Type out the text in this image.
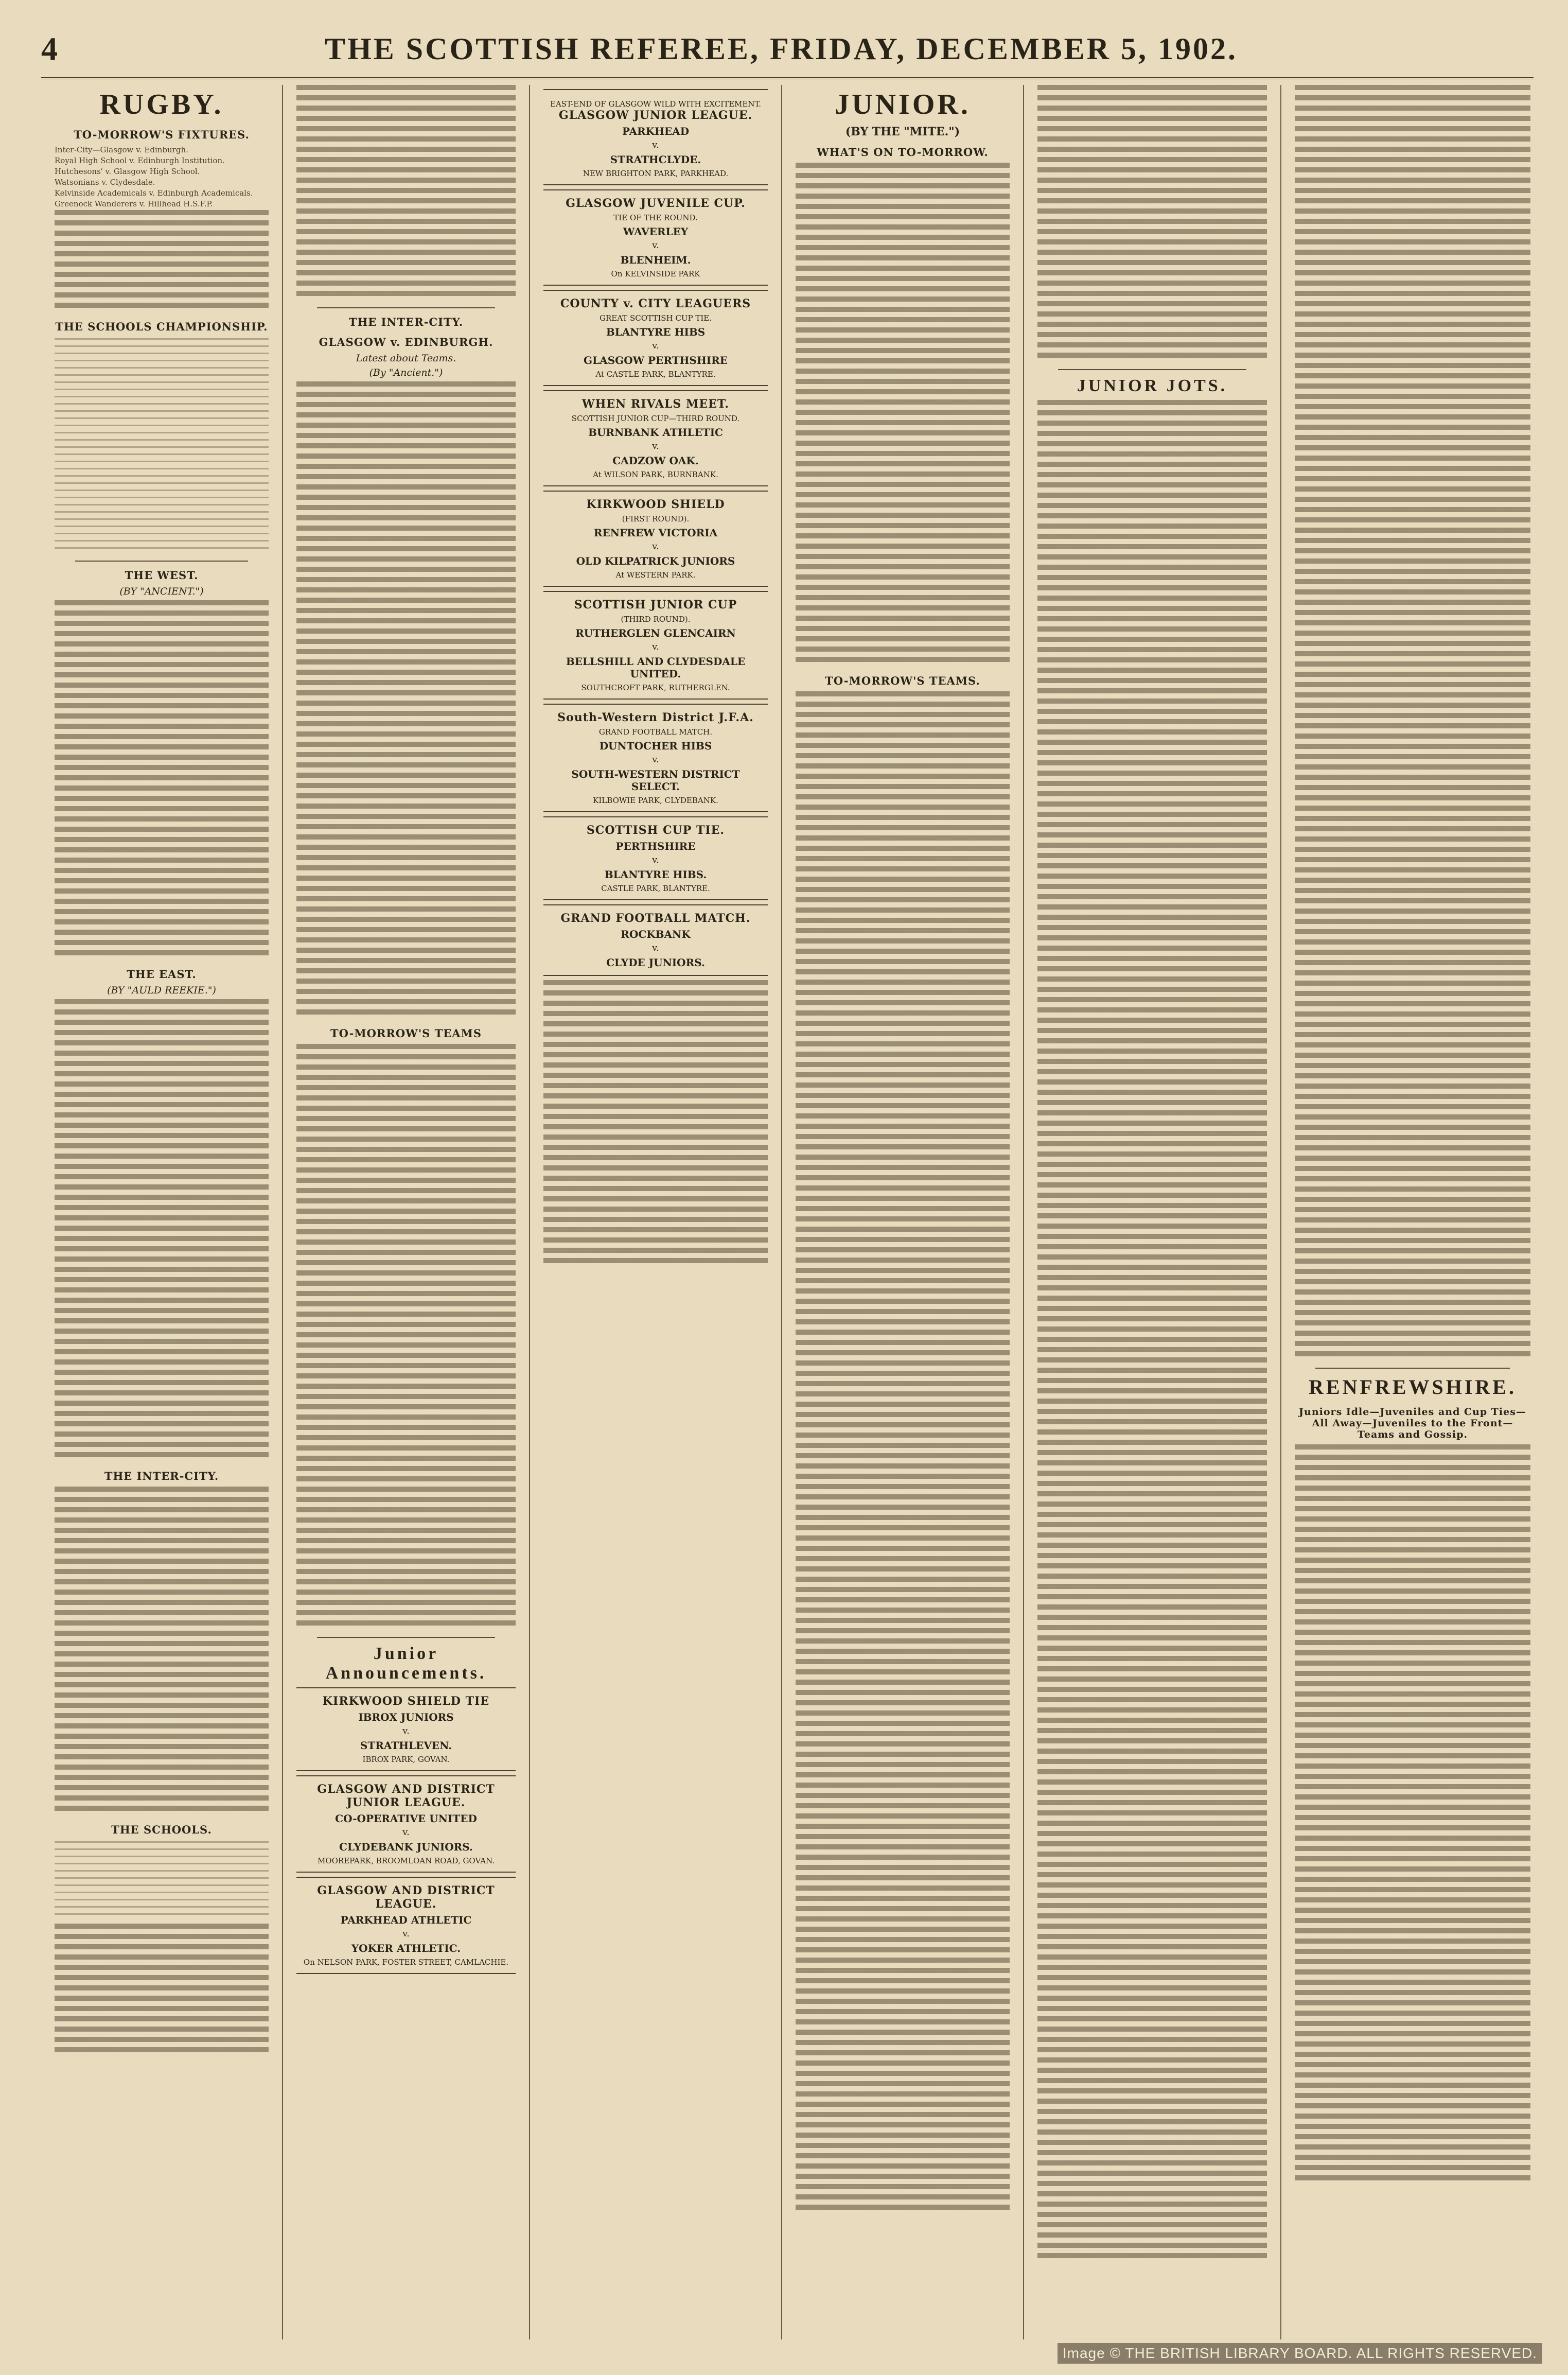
4	THE SCOTTISH REFEREE, FRIDAY, DECEMBER 5, 1902.
RUGBY.
TO-MORROW'S FIXTURES.
Inter-City—Glasgow v. Edinburgh.
Royal High School v. Edinburgh Institution.
Hutchesons' v. Glasgow High School.
Watsonians v. Clydesdale.
Kelvinside Academicals v. Edinburgh Academicals.
Greenock Wanderers v. Hillhead H.S.F.P.
THE SCHOOLS CHAMPIONSHIP.
THE WEST.
(BY "ANCIENT.")
THE EAST.
(BY "AULD REEKIE.")
THE INTER-CITY.
THE SCHOOLS.
THE INTER-CITY.
GLASGOW v. EDINBURGH.
Latest about Teams.
(By "Ancient.")
TO-MORROW'S TEAMS
Junior Announcements.
KIRKWOOD SHIELD TIE
IBROX JUNIORS
v.
STRATHLEVEN.
IBROX PARK, GOVAN.
GLASGOW AND DISTRICT JUNIOR LEAGUE.
CO-OPERATIVE UNITED
v.
CLYDEBANK JUNIORS.
MOOREPARK, BROOMLOAN ROAD, GOVAN.
GLASGOW AND DISTRICT LEAGUE.
PARKHEAD ATHLETIC
v.
YOKER ATHLETIC.
On NELSON PARK, FOSTER STREET, CAMLACHIE.
EAST-END OF GLASGOW WILD WITH EXCITEMENT.
GLASGOW JUNIOR LEAGUE.
PARKHEAD
v.
STRATHCLYDE.
NEW BRIGHTON PARK, PARKHEAD.
GLASGOW JUVENILE CUP.
TIE OF THE ROUND.
WAVERLEY
v.
BLENHEIM.
On KELVINSIDE PARK
COUNTY v. CITY LEAGUERS
GREAT SCOTTISH CUP TIE.
BLANTYRE HIBS
v.
GLASGOW PERTHSHIRE
At CASTLE PARK, BLANTYRE.
WHEN RIVALS MEET.
SCOTTISH JUNIOR CUP—THIRD ROUND.
BURNBANK ATHLETIC
v.
CADZOW OAK.
At WILSON PARK, BURNBANK.
KIRKWOOD SHIELD
(FIRST ROUND).
RENFREW VICTORIA
v.
OLD KILPATRICK JUNIORS
At WESTERN PARK.
SCOTTISH JUNIOR CUP
(THIRD ROUND).
RUTHERGLEN GLENCAIRN
v.
BELLSHILL AND CLYDESDALE UNITED.
SOUTHCROFT PARK, RUTHERGLEN.
South-Western District J.F.A.
GRAND FOOTBALL MATCH.
DUNTOCHER HIBS
v.
SOUTH-WESTERN DISTRICT SELECT.
KILBOWIE PARK, CLYDEBANK.
SCOTTISH CUP TIE.
PERTHSHIRE
v.
BLANTYRE HIBS.
CASTLE PARK, BLANTYRE.
GRAND FOOTBALL MATCH.
ROCKBANK
v.
CLYDE JUNIORS.
JUNIOR.
(BY THE "MITE.")
WHAT'S ON TO-MORROW.
TO-MORROW'S TEAMS.
JUNIOR JOTS.
RENFREWSHIRE.
Juniors Idle—Juveniles and Cup Ties—All Away—Juveniles to the Front—Teams and Gossip.
Image © THE BRITISH LIBRARY BOARD. ALL RIGHTS RESERVED.
